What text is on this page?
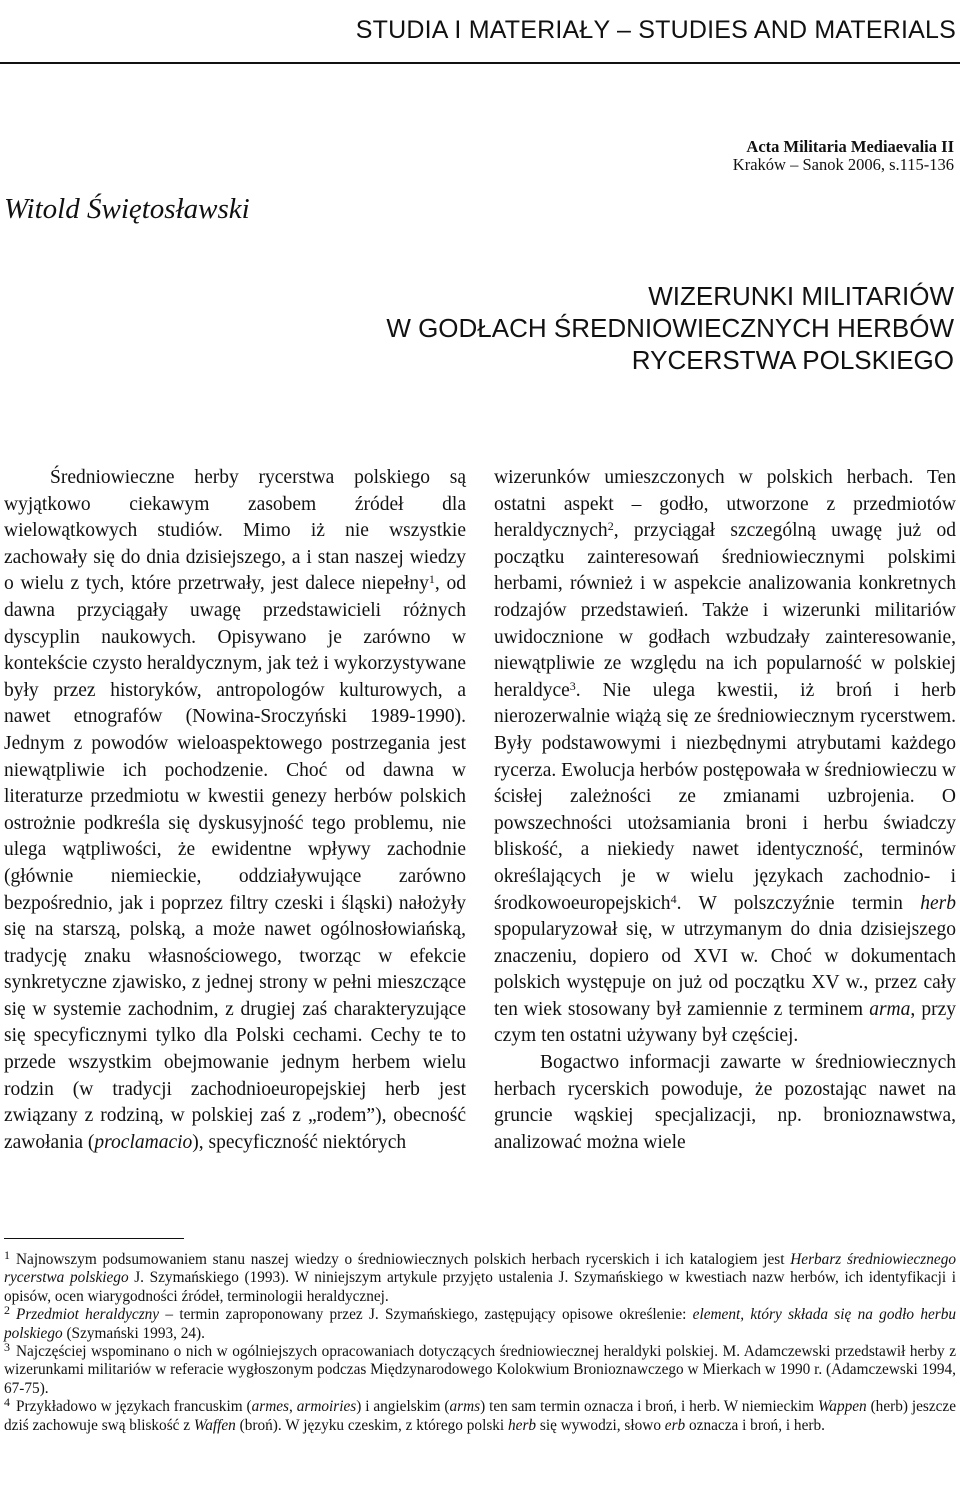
STUDIA I MATERIAŁY – STUDIES AND MATERIALS
Acta Militaria Mediaevalia II
Kraków – Sanok 2006, s.115-136
Witold Świętosławski
WIZERUNKI MILITARIÓW
W GODŁACH ŚREDNIOWIECZNYCH HERBÓW
RYCERSTWA POLSKIEGO

Średniowieczne herby rycerstwa polskiego są wyjątkowo ciekawym zasobem źródeł dla wielowątkowych studiów. Mimo iż nie wszystkie zachowały się do dnia dzisiejszego, a i stan naszej wiedzy o wielu z tych, które przetrwały, jest dalece niepełny$^1$, od dawna przyciągały uwagę przedstawicieli różnych dyscyplin naukowych. Opisywano je zarówno w kontekście czysto heraldycznym, jak też i wykorzystywane były przez historyków, antropologów kulturowych, a nawet etnografów (Nowina-Sroczyński 1989-1990). Jednym z powodów wieloaspektowego postrzegania jest niewątpliwie ich pochodzenie. Choć od dawna w literaturze przedmiotu w kwestii genezy herbów polskich ostrożnie podkreśla się dyskusyjność tego problemu, nie ulega wątpliwości, że ewidentne wpływy zachodnie (głównie niemieckie, oddziaływujące zarówno bezpośrednio, jak i poprzez filtry czeski i śląski) nałożyły się na starszą, polską, a może nawet ogólnosłowiańską, tradycję znaku własnościowego, tworząc w efekcie synkretyczne zjawisko, z jednej strony w pełni mieszczące się w systemie zachodnim, z drugiej zaś charakteryzujące się specyficznymi tylko dla Polski cechami. Cechy te to przede wszystkim obejmowanie jednym herbem wielu rodzin (w tradycji zachodnioeuropejskiej herb jest związany z rodziną, w polskiej zaś z „rodem”), obecność zawołania (proclamacio), specyficzność niektórych

wizerunków umieszczonych w polskich herbach. Ten ostatni aspekt – godło, utworzone z przedmiotów heraldycznych$^2$, przyciągał szczególną uwagę już od początku zainteresowań średniowiecznymi polskimi herbami, również i w aspekcie analizowania konkretnych rodzajów przedstawień. Także i wizerunki militariów uwidocznione w godłach wzbudzały zainteresowanie, niewątpliwie ze względu na ich popularność w polskiej heraldyce$^3$. Nie ulega kwestii, iż broń i herb nierozerwalnie wiążą się ze średniowiecznym rycerstwem. Były podstawowymi i niezbędnymi atrybutami każdego rycerza. Ewolucja herbów postępowała w średniowieczu w ścisłej zależności ze zmianami uzbrojenia. O powszechności utożsamiania broni i herbu świadczy bliskość, a niekiedy nawet identyczność, terminów określających je w wielu językach zachodnio- i środkowoeuropejskich$^4$. W polszczyźnie termin herb spopularyzował się, w utrzymanym do dnia dzisiejszego znaczeniu, dopiero od XVI w. Choć w dokumentach polskich występuje on już od początku XV w., przez cały ten wiek stosowany był zamiennie z terminem arma, przy czym ten ostatni używany był częściej.

Bogactwo informacji zawarte w średniowiecznych herbach rycerskich powoduje, że pozostając nawet na gruncie wąskiej specjalizacji, np. bronioznawstwa, analizować można wiele

$^1$ Najnowszym podsumowaniem stanu naszej wiedzy o średniowiecznych polskich herbach rycerskich i ich katalogiem jest Herbarz średniowiecznego rycerstwa polskiego J. Szymańskiego (1993). W niniejszym artykule przyjęto ustalenia J. Szymańskiego w kwestiach nazw herbów, ich identyfikacji i opisów, ocen wiarygodności źródeł, terminologii heraldycznej.

$^2$ Przedmiot heraldyczny – termin zaproponowany przez J. Szymańskiego, zastępujący opisowe określenie: element, który składa się na godło herbu polskiego (Szymański 1993, 24).

$^3$ Najczęściej wspominano o nich w ogólniejszych opracowaniach dotyczących średniowiecznej heraldyki polskiej. M. Adamczewski przedstawił herby z wizerunkami militariów w referacie wygłoszonym podczas Międzynarodowego Kolokwium Bronioznawczego w Mierkach w 1990 r. (Adamczewski 1994, 67-75).

$^4$ Przykładowo w językach francuskim (armes, armoiries) i angielskim (arms) ten sam termin oznacza i broń, i herb. W niemieckim Wappen (herb) jeszcze dziś zachowuje swą bliskość z Waffen (broń). W języku czeskim, z którego polski herb się wywodzi, słowo erb oznacza i broń, i herb.
